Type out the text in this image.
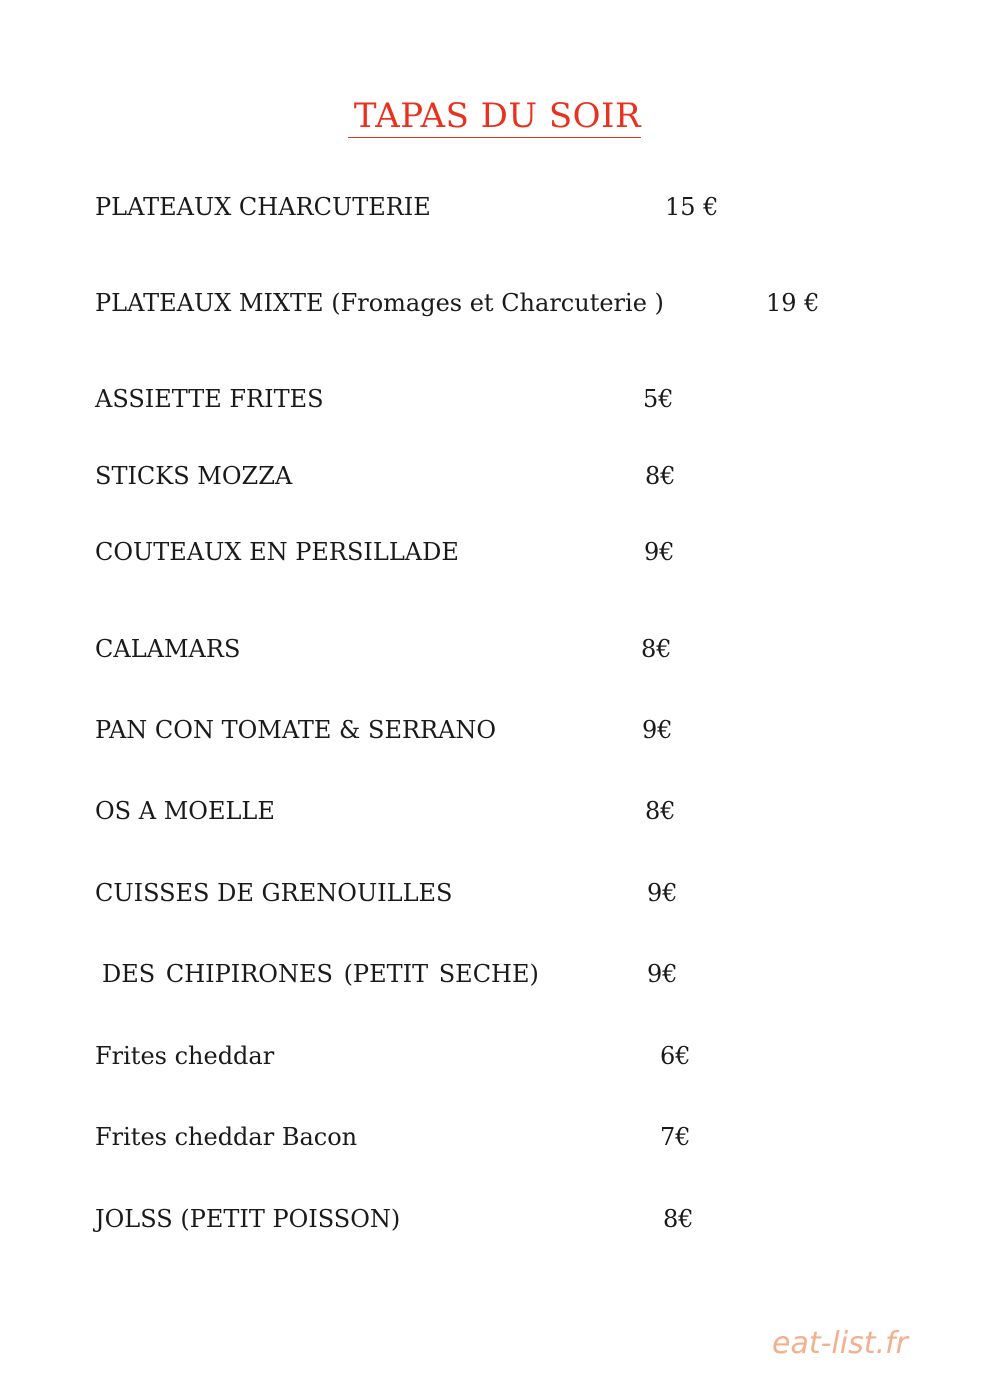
TAPAS DU SOIR
PLATEAUX CHARCUTERIE	15 €
PLATEAUX MIXTE (Fromages et Charcuterie )	19 €
ASSIETTE FRITES	5€
STICKS MOZZA	8€
COUTEAUX EN PERSILLADE	9€
CALAMARS	8€
PAN CON TOMATE & SERRANO	9€
OS A MOELLE	8€
CUISSES DE GRENOUILLES	9€
DES CHIPIRONES (PETIT SECHE)	9€
Frites cheddar	6€
Frites cheddar Bacon	7€
JOLSS (PETIT POISSON)	8€
eat-list.fr
